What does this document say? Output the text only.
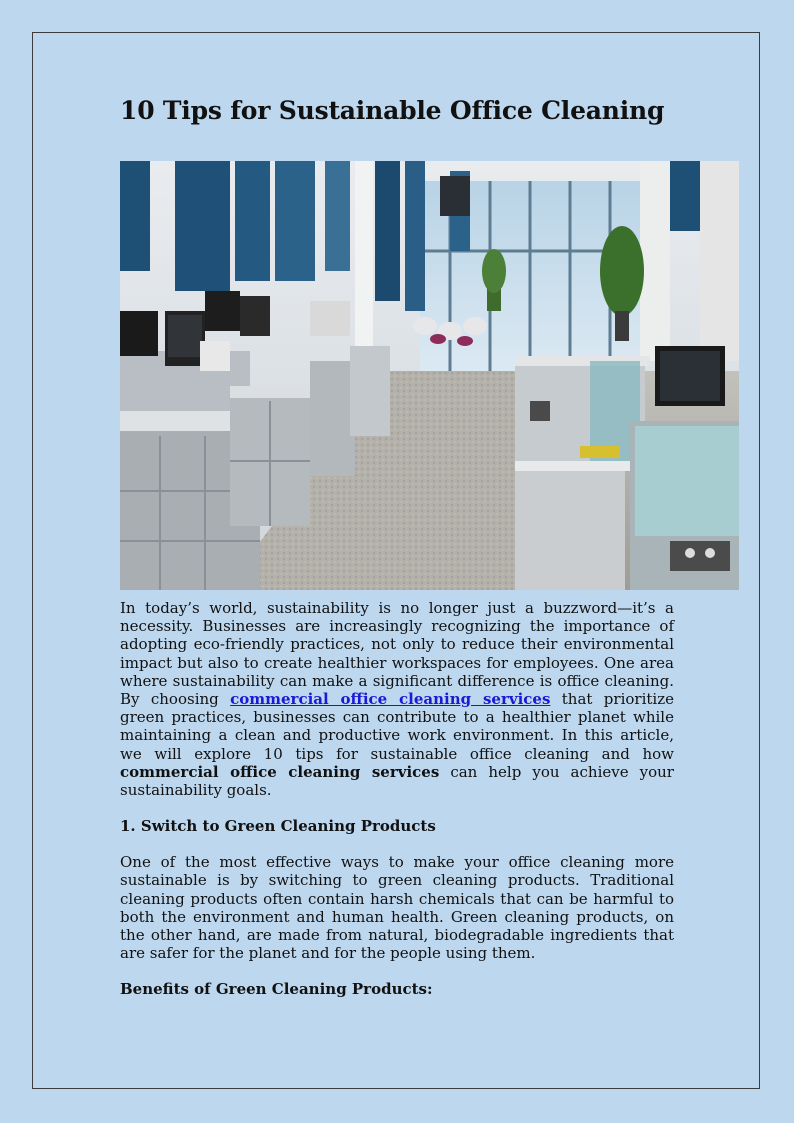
10 Tips for Sustainable Office Cleaning

In today’s world, sustainability is no longer just a buzzword—it’s a necessity. Businesses are increasingly recognizing the importance of adopting eco-friendly practices, not only to reduce their environmental impact but also to create healthier workspaces for employees. One area where sustainability can make a significant difference is office cleaning. By choosing commercial office cleaning services that prioritize green practices, businesses can contribute to a healthier planet while maintaining a clean and productive work environment. In this article, we will explore 10 tips for sustainable office cleaning and how commercial office cleaning services can help you achieve your sustainability goals.

1. Switch to Green Cleaning Products

One of the most effective ways to make your office cleaning more sustainable is by switching to green cleaning products. Traditional cleaning products often contain harsh chemicals that can be harmful to both the environment and human health. Green cleaning products, on the other hand, are made from natural, biodegradable ingredients that are safer for the planet and for the people using them.

Benefits of Green Cleaning Products:
